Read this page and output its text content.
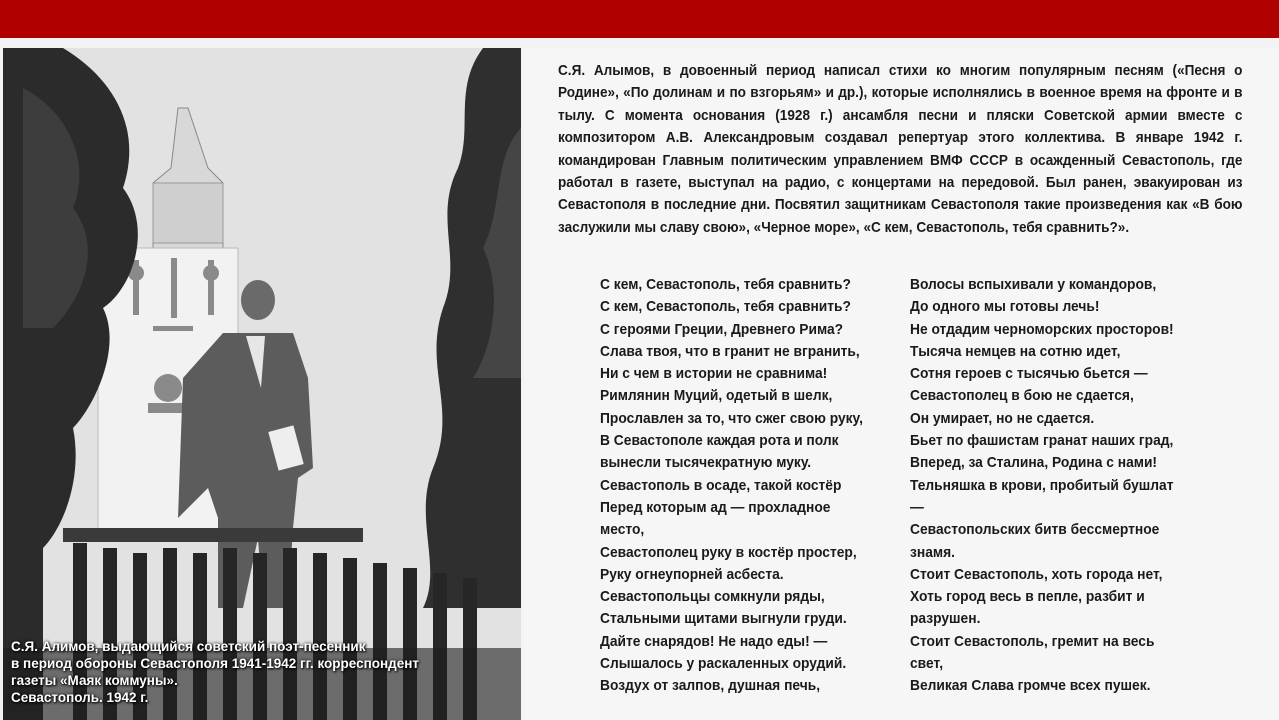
С.Я. Алимов, выдающийся советский поэт-песенник
в период обороны Севастополя 1941-1942 гг. корреспондент
газеты «Маяк коммуны».
Севастополь. 1942 г.
С.Я. Алымов, в довоенный период написал стихи ко многим популярным песням («Песня о Родине», «По долинам и по взгорьям» и др.), которые исполнялись в военное время на фронте и в тылу. С момента основания (1928 г.) ансамбля песни и пляски Советской армии вместе с композитором А.В. Александровым создавал репертуар этого коллектива. В январе 1942 г. командирован Главным политическим управлением ВМФ СССР в осажденный Севастополь, где работал в газете, выступал на радио, с концертами на передовой. Был ранен, эвакуирован из Севастополя в последние дни. Посвятил защитникам Севастополя такие произведения как «В бою заслужили мы славу свою», «Черное море», «С кем, Севастополь, тебя сравнить?».
С кем, Севастополь, тебя сравнить?
С кем, Севастополь, тебя сравнить?
С героями Греции, Древнего Рима?
Слава твоя, что в гранит не вгранить,
Ни с чем в истории не сравнима!
Римлянин Муций, одетый в шелк,
Прославлен за то, что сжег свою руку,
В Севастополе каждая рота и полк
вынесли тысячекратную муку.
Севастополь в осаде, такой костёр
Перед которым ад — прохладное
место,
Севастополец руку в костёр простер,
Руку огнеупорней асбеста.
Севастопольцы сомкнули ряды,
Стальными щитами выгнули груди.
Дайте снарядов! Не надо еды! —
Слышалось у раскаленных орудий.
Воздух от залпов, душная печь,
Волосы вспыхивали у командоров,
До одного мы готовы лечь!
Не отдадим черноморских просторов!
Тысяча немцев на сотню идет,
Сотня героев с тысячью бьется —
Севастополец в бою не сдается,
Он умирает, но не сдается.
Бьет по фашистам гранат наших град,
Вперед, за Сталина, Родина с нами!
Тельняшка в крови, пробитый бушлат
—
Севастопольских битв бессмертное
знамя.
Стоит Севастополь, хоть города нет,
Хоть город весь в пепле, разбит и
разрушен.
Стоит Севастополь, гремит на весь
свет,
Великая Слава громче всех пушек.
